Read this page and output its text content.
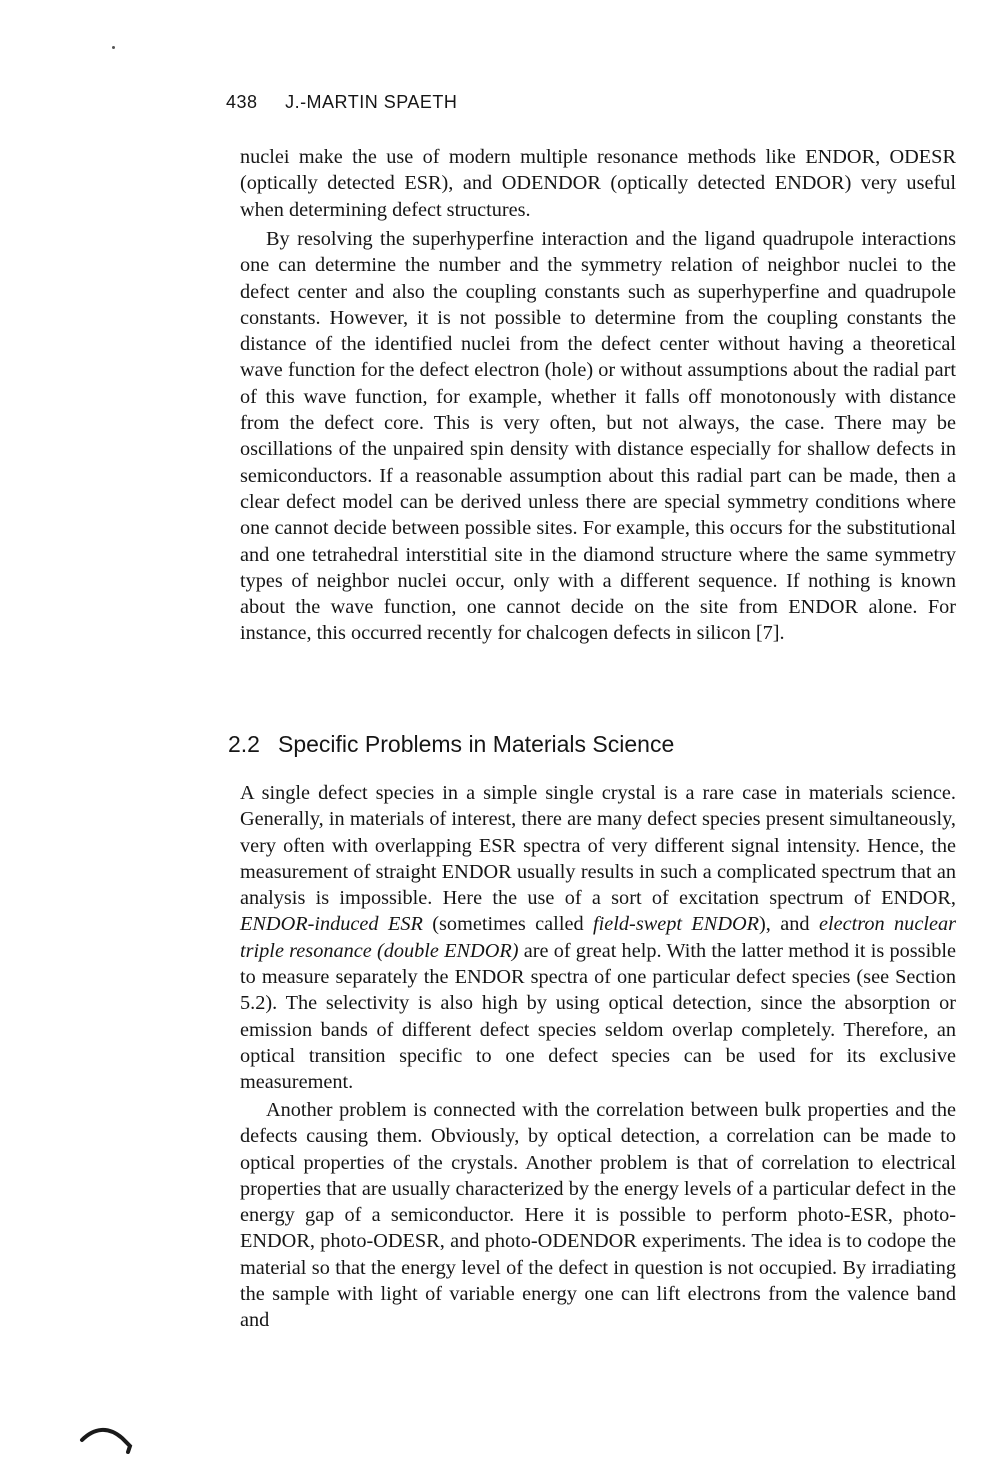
438 J.-MARTIN SPAETH

nuclei make the use of modern multiple resonance methods like ENDOR, ODESR (optically detected ESR), and ODENDOR (optically detected ENDOR) very useful when determining defect structures.

By resolving the superhyperfine interaction and the ligand quadrupole interactions one can determine the number and the symmetry relation of neighbor nuclei to the defect center and also the coupling constants such as superhyperfine and quadrupole constants. However, it is not possible to determine from the coupling constants the distance of the identified nuclei from the defect center without having a theoretical wave function for the defect electron (hole) or without assumptions about the radial part of this wave function, for example, whether it falls off monotonously with distance from the defect core. This is very often, but not always, the case. There may be oscillations of the unpaired spin density with distance especially for shallow defects in semiconductors. If a reasonable assumption about this radial part can be made, then a clear defect model can be derived unless there are special symmetry conditions where one cannot decide between possible sites. For example, this occurs for the substitutional and one tetrahedral interstitial site in the diamond structure where the same symmetry types of neighbor nuclei occur, only with a different sequence. If nothing is known about the wave function, one cannot decide on the site from ENDOR alone. For instance, this occurred recently for chalcogen defects in silicon [7].

2.2 Specific Problems in Materials Science

A single defect species in a simple single crystal is a rare case in materials science. Generally, in materials of interest, there are many defect species present simultaneously, very often with overlapping ESR spectra of very different signal intensity. Hence, the measurement of straight ENDOR usually results in such a complicated spectrum that an analysis is impossible. Here the use of a sort of excitation spectrum of ENDOR, ENDOR-induced ESR (sometimes called field-swept ENDOR), and electron nuclear triple resonance (double ENDOR) are of great help. With the latter method it is possible to measure separately the ENDOR spectra of one particular defect species (see Section 5.2). The selectivity is also high by using optical detection, since the absorption or emission bands of different defect species seldom overlap completely. Therefore, an optical transition specific to one defect species can be used for its exclusive measurement.

Another problem is connected with the correlation between bulk properties and the defects causing them. Obviously, by optical detection, a correlation can be made to optical properties of the crystals. Another problem is that of correlation to electrical properties that are usually characterized by the energy levels of a particular defect in the energy gap of a semiconductor. Here it is possible to perform photo-ESR, photo-ENDOR, photo-ODESR, and photo-ODENDOR experiments. The idea is to codope the material so that the energy level of the defect in question is not occupied. By irradiating the sample with light of variable energy one can lift electrons from the valence band and
